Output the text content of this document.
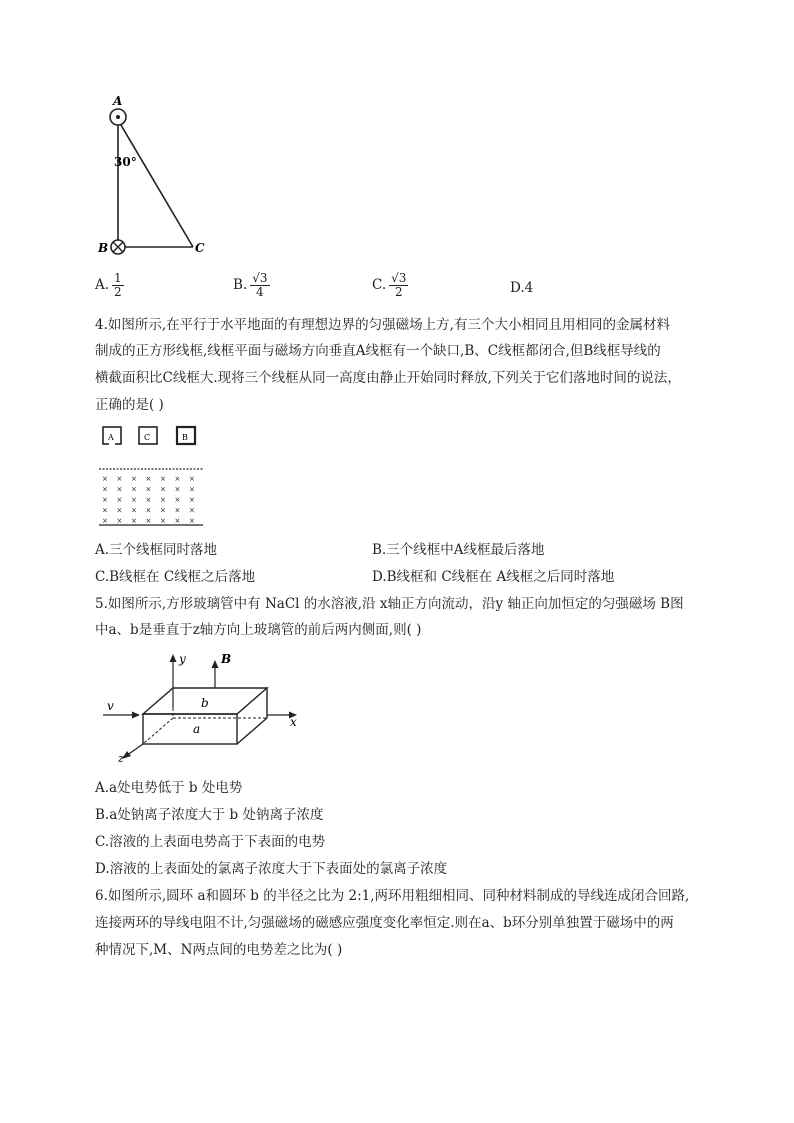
A
B	C
30°
A. $\frac{1}{2}$	B. $\frac{√3}{4}$	C. $\frac{√3}{2}$	D.4
4.如图所示,在平行于水平地面的有理想边界的匀强磁场上方,有三个大小相同且用相同的金属材料
制成的正方形线框,线框平面与磁场方向垂直A线框有一个缺口,B、C线框都闭合,但B线框导线的
横截面积比C线框大.现将三个线框从同一高度由静止开始同时释放,下列关于它们落地时间的说法，
正确的是( )
A	C	B
× × × × × × ×
× × × × × × ×
× × × × × × ×
× × × × × × ×
× × × × × × ×
A.三个线框同时落地	B.三个线框中A线框最后落地
C.B线框在 C线框之后落地	D.B线框和 C线框在 A线框之后同时落地
5.如图所示,方形玻璃管中有 NaCl 的水溶液,沿 x轴正方向流动，沿y 轴正向加恒定的匀强磁场 B图
中a、b是垂直于z轴方向上玻璃管的前后两内侧面,则( )
y	B
b
v
a	x
z
A.a处电势低于 b 处电势
B.a处钠离子浓度大于 b 处钠离子浓度
C.溶液的上表面电势高于下表面的电势
D.溶液的上表面处的氯离子浓度大于下表面处的氯离子浓度
6.如图所示,圆环 a和圆环 b 的半径之比为 2:1,两环用粗细相同、同种材料制成的导线连成闭合回路,
连接两环的导线电阻不计,匀强磁场的磁感应强度变化率恒定.则在a、b环分别单独置于磁场中的两
种情况下,M、N两点间的电势差之比为( )
